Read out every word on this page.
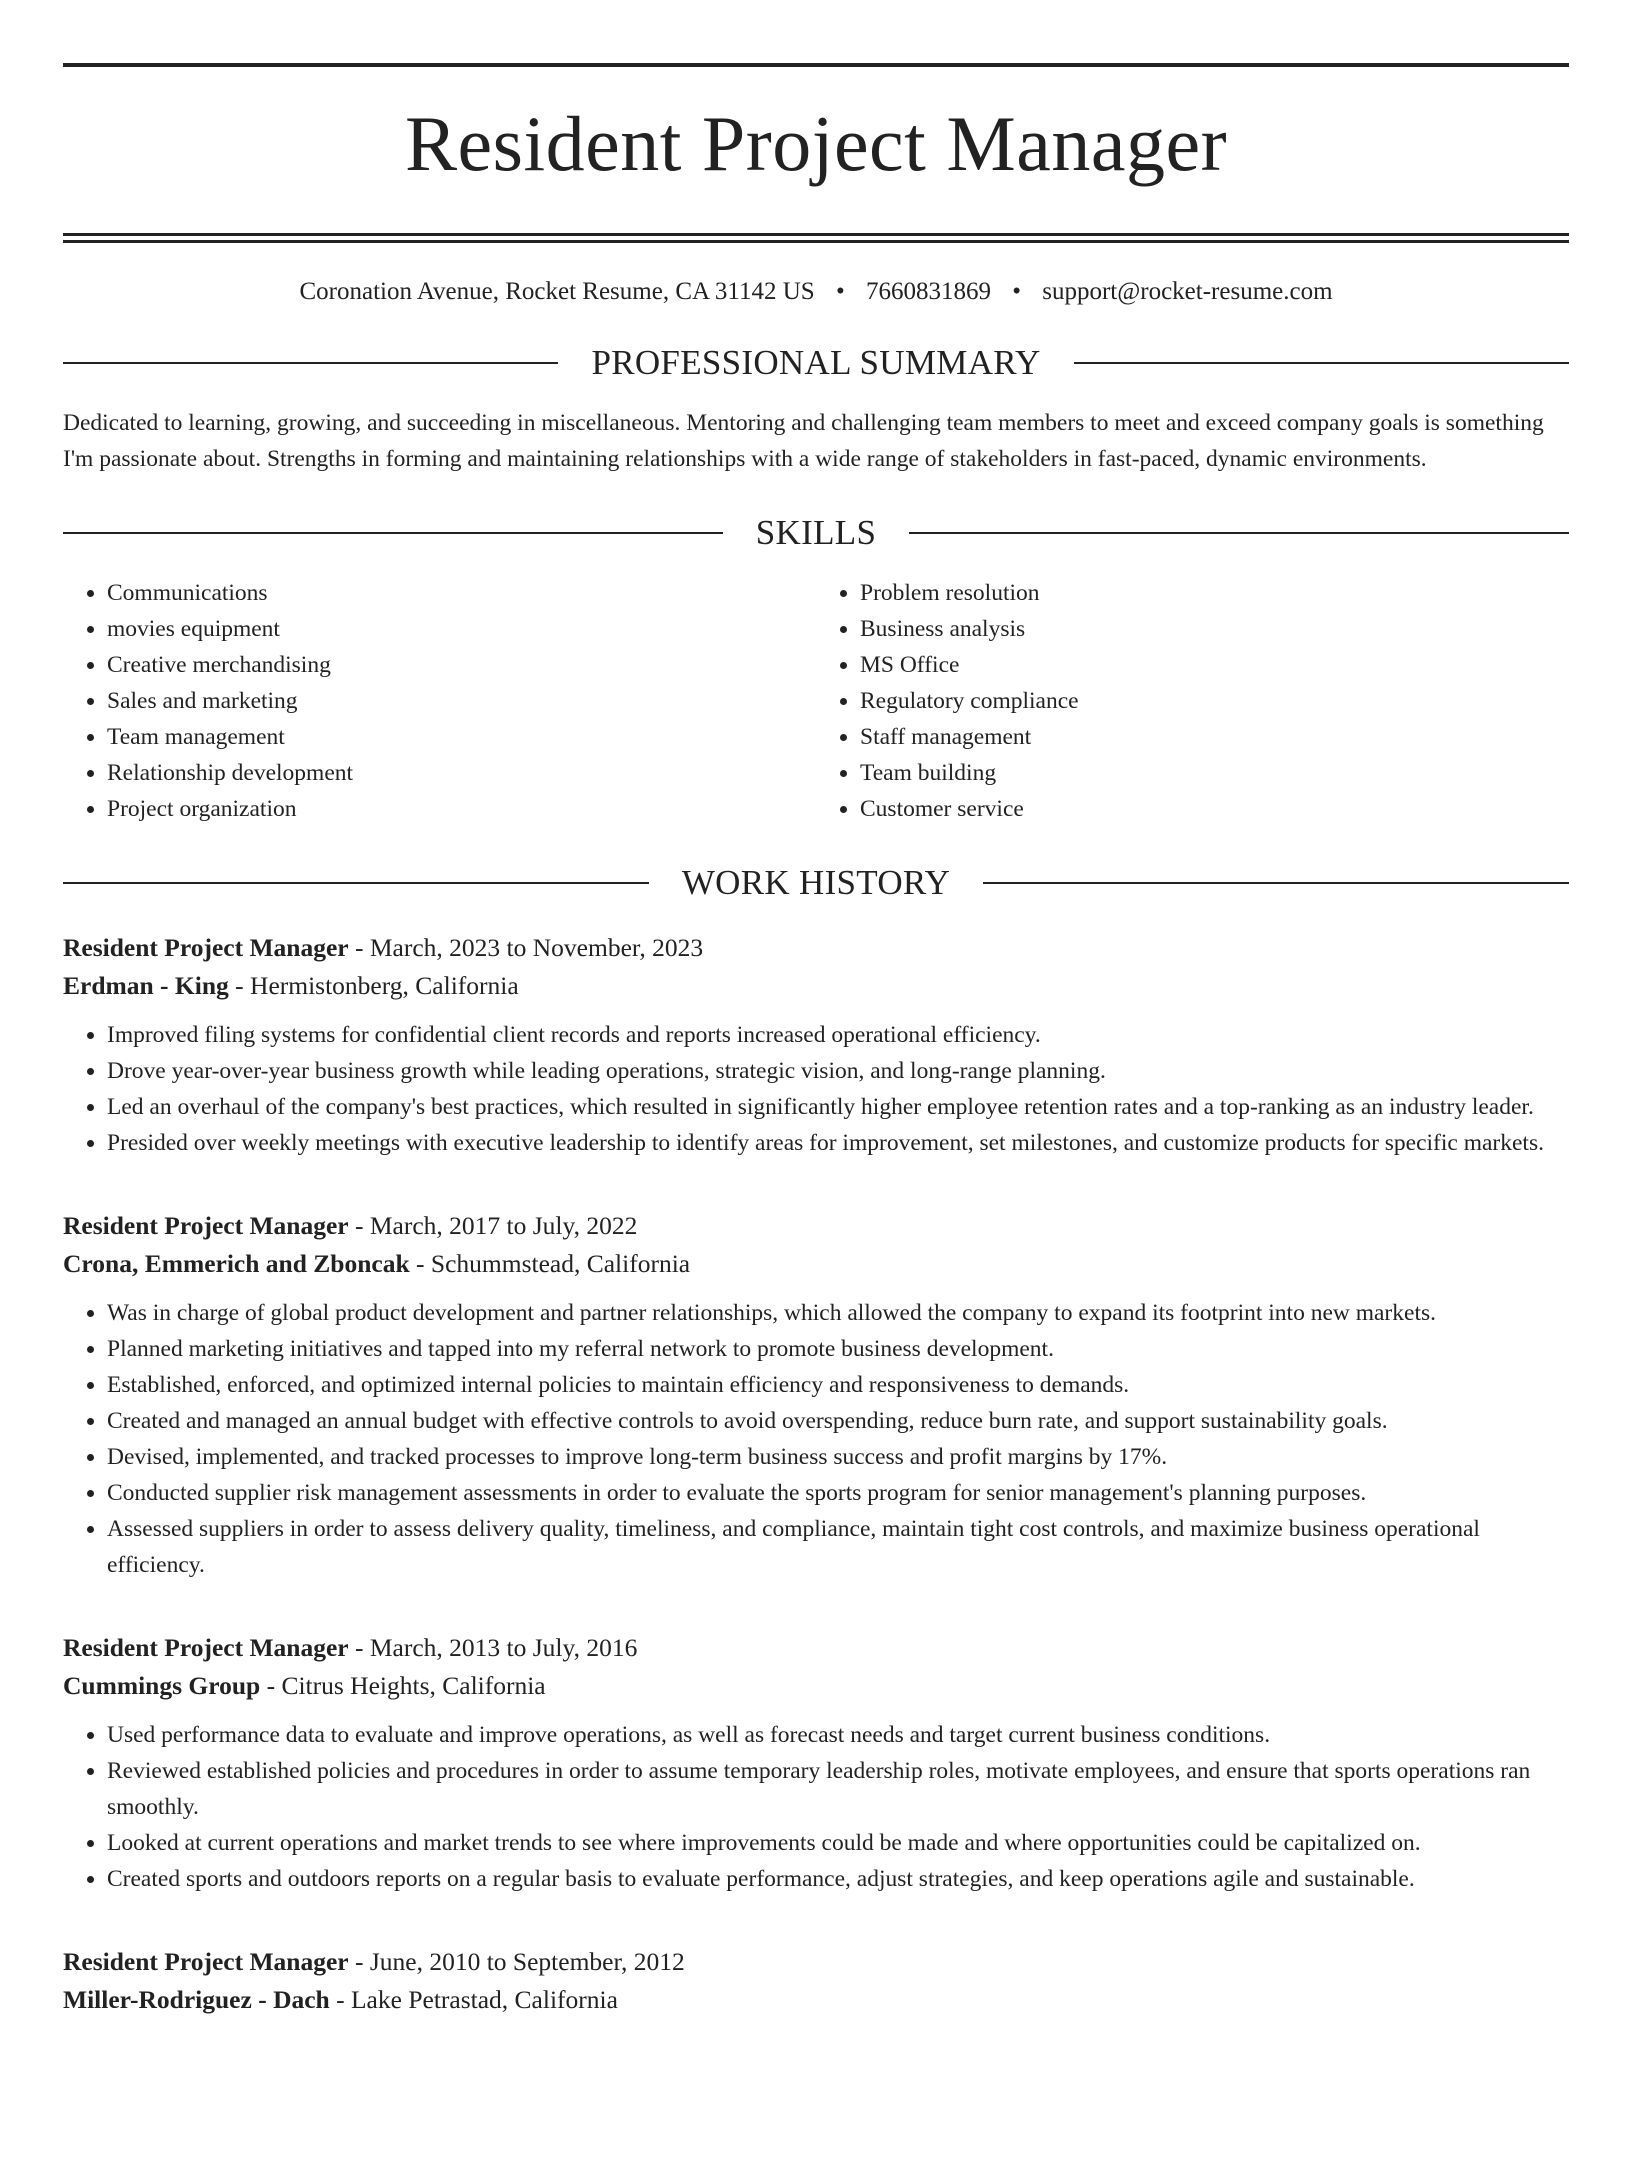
Resident Project Manager
Coronation Avenue, Rocket Resume, CA 31142 US • 7660831869 • support@rocket-resume.com
PROFESSIONAL SUMMARY
Dedicated to learning, growing, and succeeding in miscellaneous. Mentoring and challenging team members to meet and exceed company goals is something I'm passionate about. Strengths in forming and maintaining relationships with a wide range of stakeholders in fast-paced, dynamic environments.
SKILLS
• Communications
• movies equipment
• Creative merchandising
• Sales and marketing
• Team management
• Relationship development
• Project organization
• Problem resolution
• Business analysis
• MS Office
• Regulatory compliance
• Staff management
• Team building
• Customer service
WORK HISTORY
Resident Project Manager - March, 2023 to November, 2023
Erdman - King - Hermistonberg, California
• Improved filing systems for confidential client records and reports increased operational efficiency.
• Drove year-over-year business growth while leading operations, strategic vision, and long-range planning.
• Led an overhaul of the company's best practices, which resulted in significantly higher employee retention rates and a top-ranking as an industry leader.
• Presided over weekly meetings with executive leadership to identify areas for improvement, set milestones, and customize products for specific markets.
Resident Project Manager - March, 2017 to July, 2022
Crona, Emmerich and Zboncak - Schummstead, California
• Was in charge of global product development and partner relationships, which allowed the company to expand its footprint into new markets.
• Planned marketing initiatives and tapped into my referral network to promote business development.
• Established, enforced, and optimized internal policies to maintain efficiency and responsiveness to demands.
• Created and managed an annual budget with effective controls to avoid overspending, reduce burn rate, and support sustainability goals.
• Devised, implemented, and tracked processes to improve long-term business success and profit margins by 17%.
• Conducted supplier risk management assessments in order to evaluate the sports program for senior management's planning purposes.
• Assessed suppliers in order to assess delivery quality, timeliness, and compliance, maintain tight cost controls, and maximize business operational efficiency.
Resident Project Manager - March, 2013 to July, 2016
Cummings Group - Citrus Heights, California
• Used performance data to evaluate and improve operations, as well as forecast needs and target current business conditions.
• Reviewed established policies and procedures in order to assume temporary leadership roles, motivate employees, and ensure that sports operations ran smoothly.
• Looked at current operations and market trends to see where improvements could be made and where opportunities could be capitalized on.
• Created sports and outdoors reports on a regular basis to evaluate performance, adjust strategies, and keep operations agile and sustainable.
Resident Project Manager - June, 2010 to September, 2012
Miller-Rodriguez - Dach - Lake Petrastad, California
